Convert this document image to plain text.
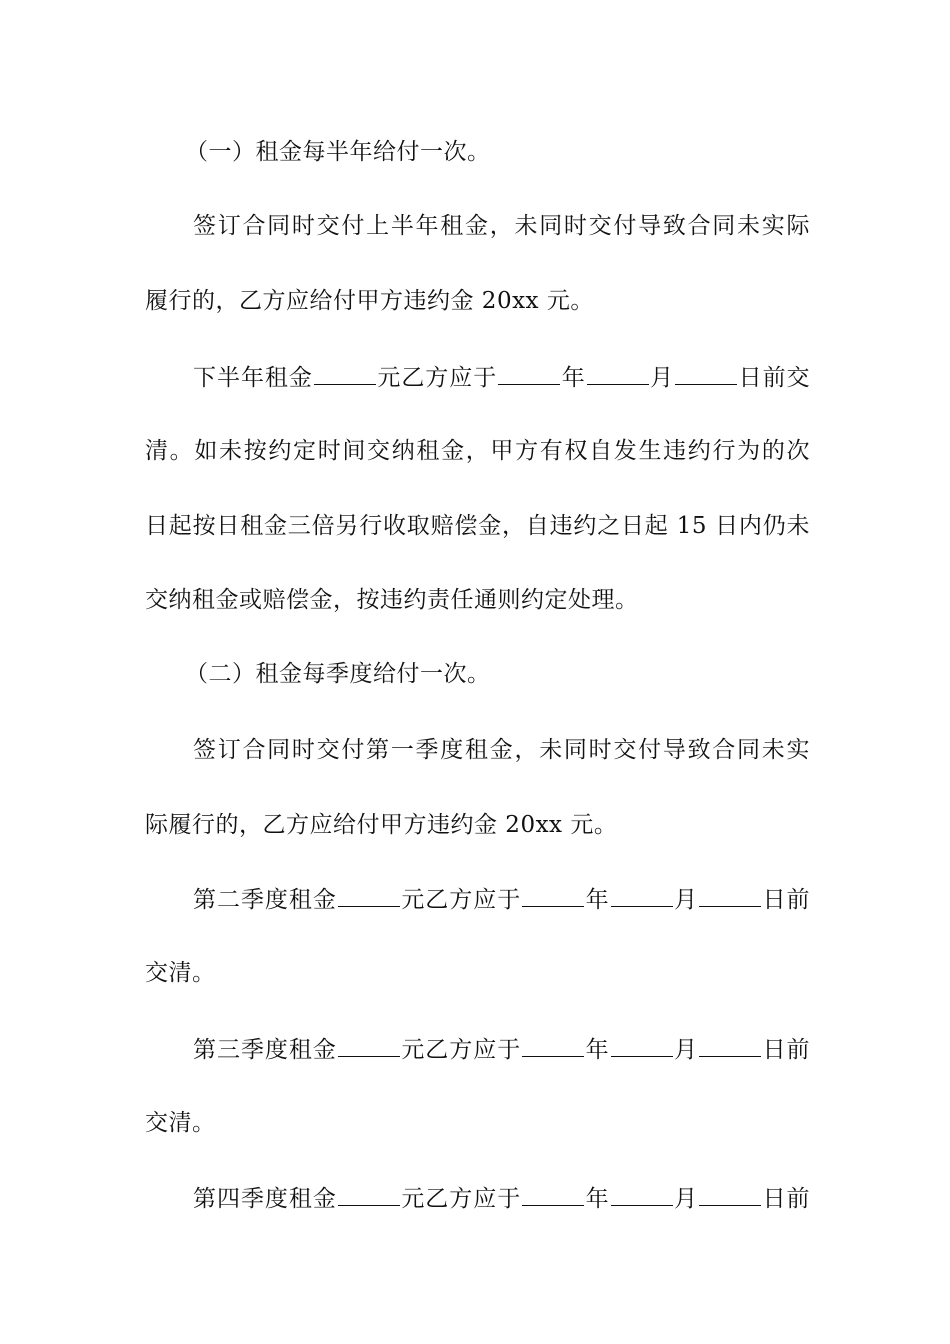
（一）租金每半年给付一次。
签订合同时交付上半年租金，未同时交付导致合同未实际
履行的，乙方应给付甲方违约金 20xx 元。
下半年租金	元乙方应于	年	月	日前交
清。如未按约定时间交纳租金，甲方有权自发生违约行为的次
日起按日租金三倍另行收取赔偿金，自违约之日起 15 日内仍未
交纳租金或赔偿金，按违约责任通则约定处理。
（二）租金每季度给付一次。
签订合同时交付第一季度租金，未同时交付导致合同未实
际履行的，乙方应给付甲方违约金 20xx 元。
第二季度租金	元乙方应于	年	月	日前
交清。
第三季度租金	元乙方应于	年	月	日前
交清。
第四季度租金	元乙方应于	年	月	日前
